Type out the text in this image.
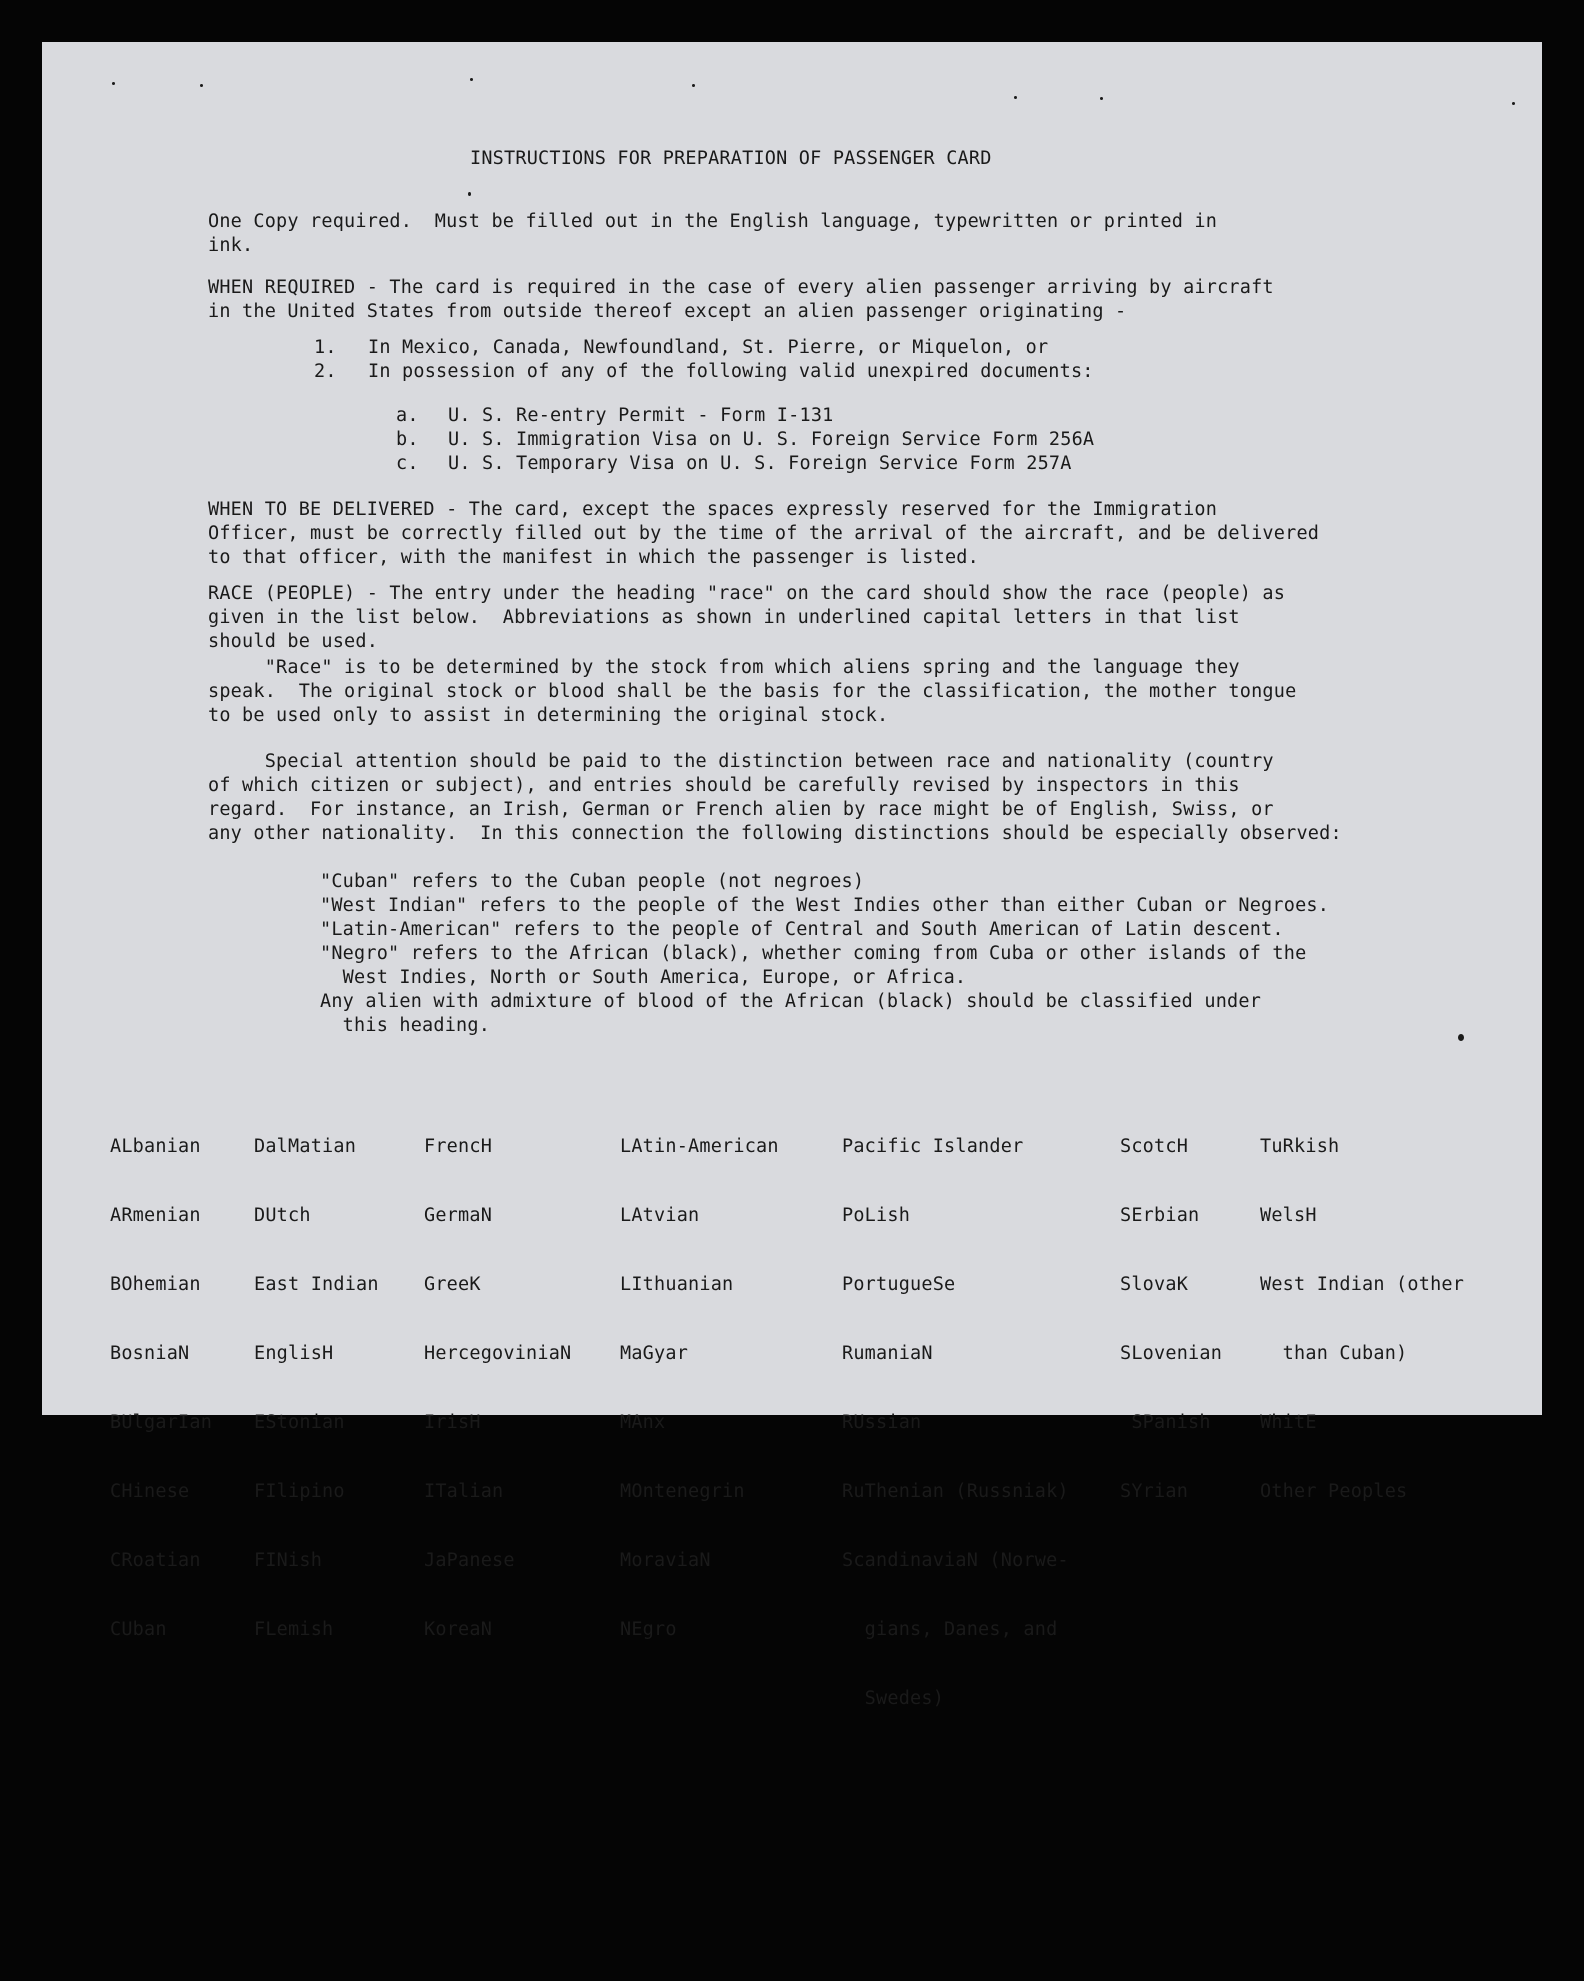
INSTRUCTIONS FOR PREPARATION OF PASSENGER CARD
One Copy required.  Must be filled out in the English language, typewritten or printed in
ink.
WHEN REQUIRED - The card is required in the case of every alien passenger arriving by aircraft
in the United States from outside thereof except an alien passenger originating -
1. In Mexico, Canada, Newfoundland, St. Pierre, or Miquelon, or
2. In possession of any of the following valid unexpired documents:
a. U. S. Re-entry Permit - Form I-131
b. U. S. Immigration Visa on U. S. Foreign Service Form 256A
c. U. S. Temporary Visa on U. S. Foreign Service Form 257A
WHEN TO BE DELIVERED - The card, except the spaces expressly reserved for the Immigration
Officer, must be correctly filled out by the time of the arrival of the aircraft, and be delivered
to that officer, with the manifest in which the passenger is listed.
RACE (PEOPLE) - The entry under the heading "race" on the card should show the race (people) as
given in the list below.  Abbreviations as shown in underlined capital letters in that list
should be used.
"Race" is to be determined by the stock from which aliens spring and the language they
speak.  The original stock or blood shall be the basis for the classification, the mother tongue
to be used only to assist in determining the original stock.
Special attention should be paid to the distinction between race and nationality (country
of which citizen or subject), and entries should be carefully revised by inspectors in this
regard.  For instance, an Irish, German or French alien by race might be of English, Swiss, or
any other nationality.  In this connection the following distinctions should be especially observed:
"Cuban" refers to the Cuban people (not negroes)
"West Indian" refers to the people of the West Indies other than either Cuban or Negroes.
"Latin-American" refers to the people of Central and South American of Latin descent.
"Negro" refers to the African (black), whether coming from Cuba or other islands of the
West Indies, North or South America, Europe, or Africa.
Any alien with admixture of blood of the African (black) should be classified under
this heading.

ALbanian

ARmenian

BOhemian

BosniaN

BUlgarIan

CHinese

CRoatian

CUban

DalMatian

DUtch

East Indian

EnglisH

EStonian

FIlipino

FINish

FLemish

FrencH

GermaN

GreeK

HercegoviniaN

IrisH

ITalian

JaPanese

KoreaN

LAtin-American

LAtvian

LIthuanian

MaGyar

MAnx

MOntenegrin

MoraviaN

NEgro

Pacific Islander

PoLish

PortugueSe

RumaniaN

RUssian

RuThenian (Russniak)

ScandinaviaN (Norwe-

gians, Danes, and

Swedes)

ScotcH

SErbian

SlovaK

SLovenian

SPanish

SYrian

TuRkish

WelsH

West Indian (other

than Cuban)

WhitE

Other Peoples
